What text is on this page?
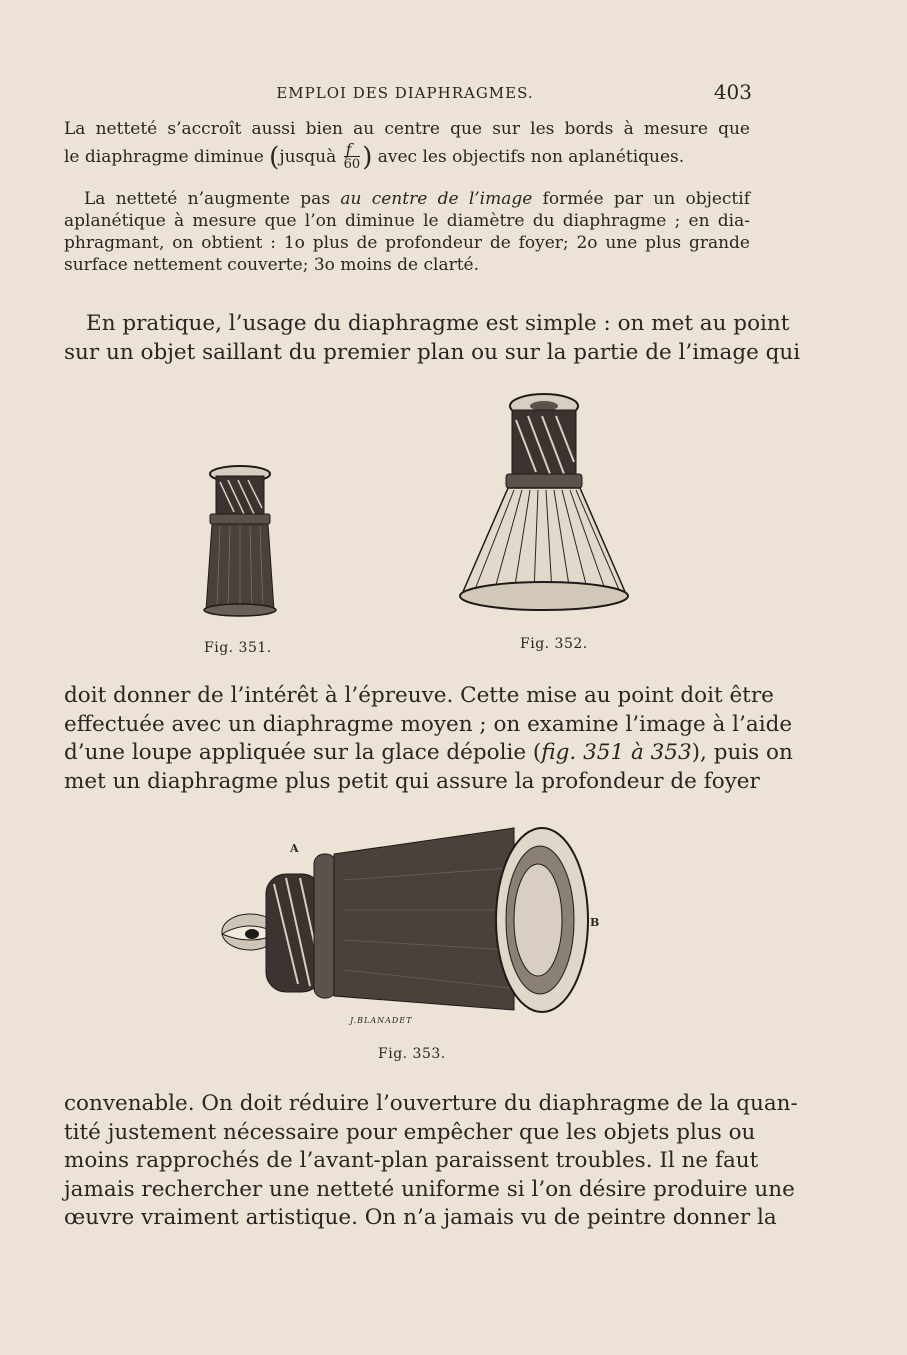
EMPLOI DES DIAPHRAGMES.	403
La netteté s’accroît aussi bien au centre que sur les bords à mesure que
le diaphragme diminue (jusquà $\frac{f}{60}$ ) avec les objectifs non aplanétiques.
La netteté n’augmente pas au centre de l’image formée par un objectif
aplanétique à mesure que l’on diminue le diamètre du diaphragme ; en dia-
phragmant, on obtient : 1o plus de profondeur de foyer; 2o une plus grande
surface nettement couverte; 3o moins de clarté.
En pratique, l’usage du diaphragme est simple : on met au point
sur un objet saillant du premier plan ou sur la partie de l’image qui
Fig. 351.	Fig. 352.
doit donner de l’intérêt à l’épreuve. Cette mise au point doit être
effectuée avec un diaphragme moyen ; on examine l’image à l’aide
d’une loupe appliquée sur la glace dépolie (fig. 351 à 353), puis on
met un diaphragme plus petit qui assure la profondeur de foyer
A
B
J.BLANADET
Fig. 353.
convenable. On doit réduire l’ouverture du diaphragme de la quan-
tité justement nécessaire pour empêcher que les objets plus ou
moins rapprochés de l’avant-plan paraissent troubles. Il ne faut
jamais rechercher une netteté uniforme si l’on désire produire une
œuvre vraiment artistique. On n’a jamais vu de peintre donner la
